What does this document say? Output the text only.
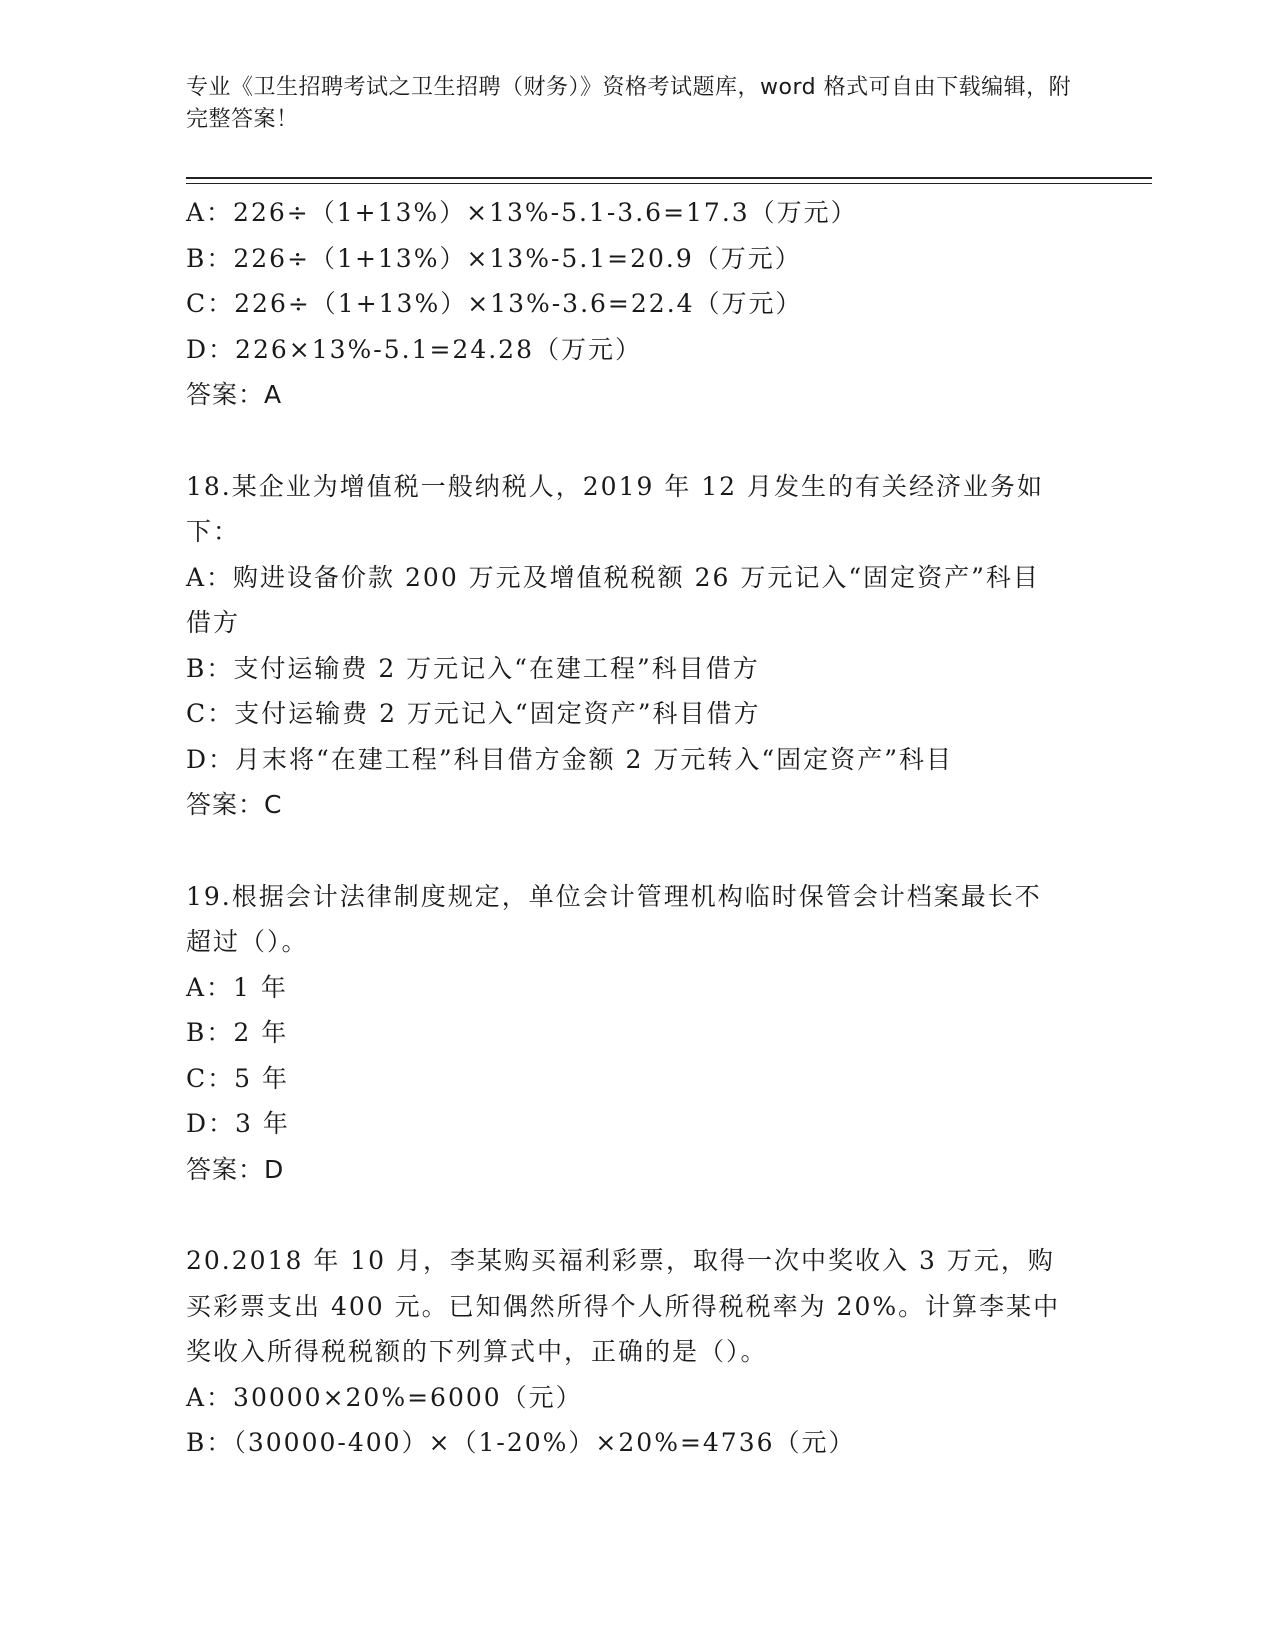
专业《卫生招聘考试之卫生招聘（财务）》资格考试题库，word 格式可自由下载编辑，附完整答案！
A：226÷（1+13%）×13%-5.1-3.6=17.3（万元）
B：226÷（1+13%）×13%-5.1=20.9（万元）
C：226÷（1+13%）×13%-3.6=22.4（万元）
D：226×13%-5.1=24.28（万元）
答案：A
18.某企业为增值税一般纳税人，2019 年 12 月发生的有关经济业务如下：
A：购进设备价款 200 万元及增值税税额 26 万元记入“固定资产”科目借方
B：支付运输费 2 万元记入“在建工程”科目借方
C：支付运输费 2 万元记入“固定资产”科目借方
D：月末将“在建工程”科目借方金额 2 万元转入“固定资产”科目
答案：C
19.根据会计法律制度规定，单位会计管理机构临时保管会计档案最长不超过（）。
A：1 年
B：2 年
C：5 年
D：3 年
答案：D
20.2018 年 10 月，李某购买福利彩票，取得一次中奖收入 3 万元，购买彩票支出 400 元。已知偶然所得个人所得税税率为 20%。计算李某中奖收入所得税税额的下列算式中，正确的是（）。
A：30000×20%=6000（元）
B：（30000-400）×（1-20%）×20%=4736（元）
